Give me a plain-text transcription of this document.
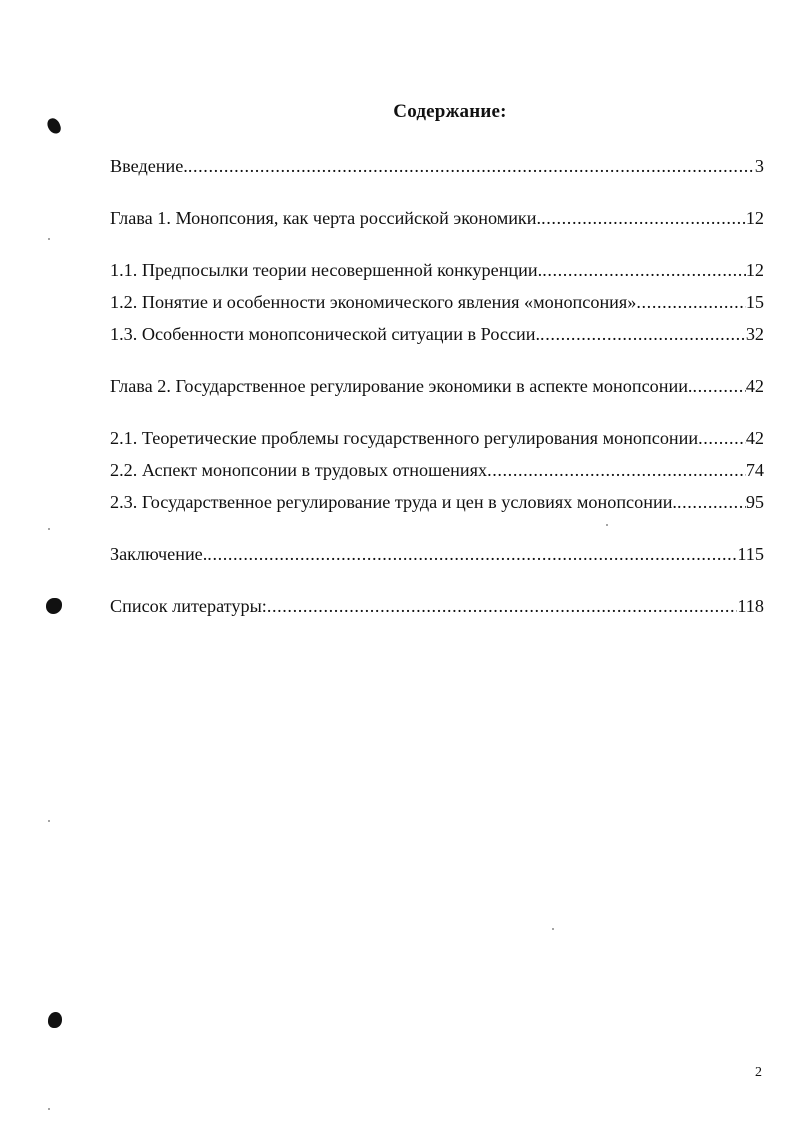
Содержание:
Введение. .....	3
Глава 1. Монопсония, как черта российской экономики. .....	12
1.1. Предпосылки теории несовершенной конкуренции. .....	12
1.2. Понятие и особенности экономического явления «монопсония» .....	15
1.3. Особенности монопсонической ситуации в России. .....	32
Глава 2. Государственное регулирование экономики в аспекте монопсонии. .....	42
2.1. Теоретические проблемы государственного регулирования монопсонии .....	42
2.2. Аспект монопсонии в трудовых отношениях .....	74
2.3. Государственное регулирование труда и цен в условиях монопсонии. .....	95
Заключение. .....	115
Список литературы: .....	118
2
